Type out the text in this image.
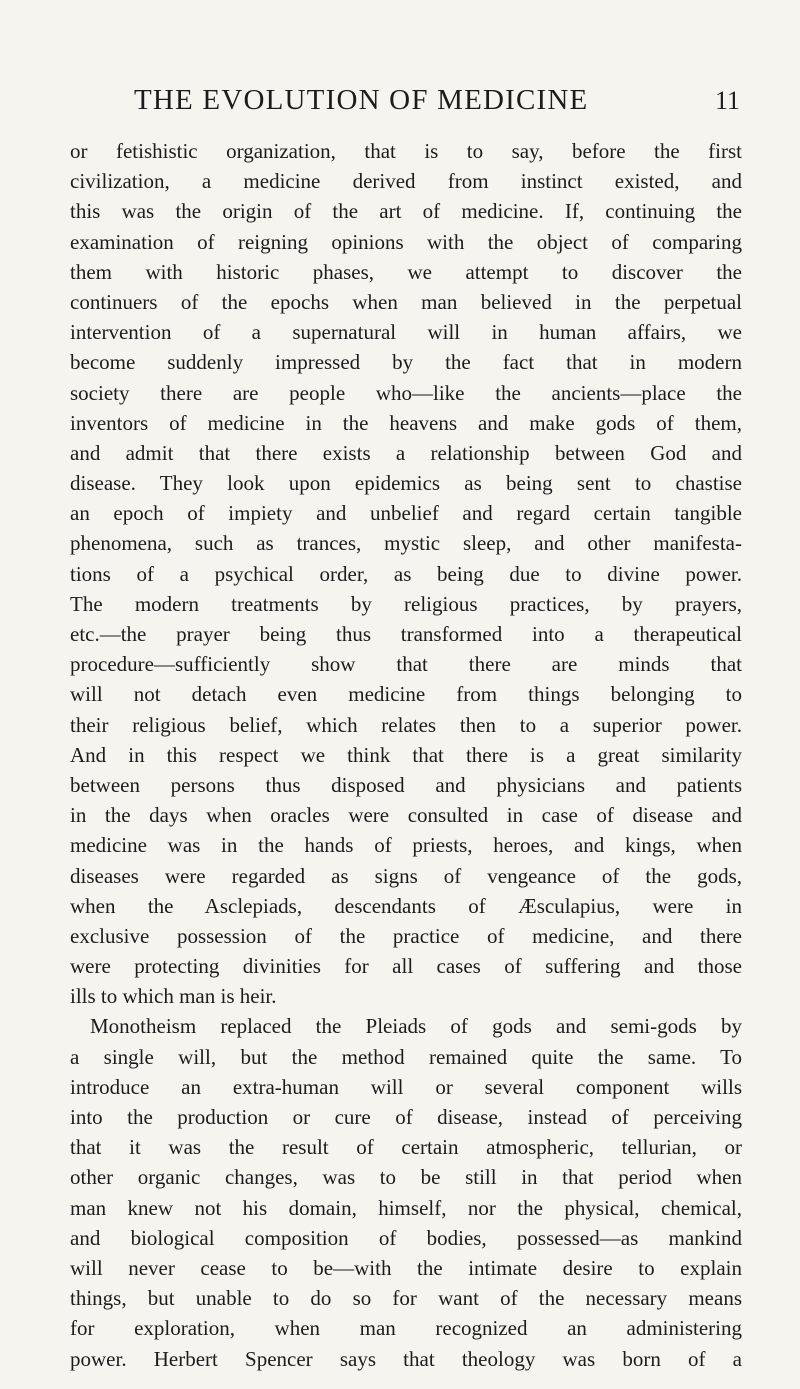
THE EVOLUTION OF MEDICINE	11
or fetishistic organization, that is to say, before the first
civilization, a medicine derived from instinct existed, and
this was the origin of the art of medicine. If, continuing the
examination of reigning opinions with the object of comparing
them with historic phases, we attempt to discover the
continuers of the epochs when man believed in the perpetual
intervention of a supernatural will in human affairs, we
become suddenly impressed by the fact that in modern
society there are people who—like the ancients—place the
inventors of medicine in the heavens and make gods of them,
and admit that there exists a relationship between God and
disease. They look upon epidemics as being sent to chastise
an epoch of impiety and unbelief and regard certain tangible
phenomena, such as trances, mystic sleep, and other manifesta-
tions of a psychical order, as being due to divine power.
The modern treatments by religious practices, by prayers,
etc.—the prayer being thus transformed into a therapeutical
procedure—sufficiently show that there are minds that
will not detach even medicine from things belonging to
their religious belief, which relates then to a superior power.
And in this respect we think that there is a great similarity
between persons thus disposed and physicians and patients
in the days when oracles were consulted in case of disease and
medicine was in the hands of priests, heroes, and kings, when
diseases were regarded as signs of vengeance of the gods,
when the Asclepiads, descendants of Æsculapius, were in
exclusive possession of the practice of medicine, and there
were protecting divinities for all cases of suffering and those
ills to which man is heir.
Monotheism replaced the Pleiads of gods and semi-gods by
a single will, but the method remained quite the same. To
introduce an extra-human will or several component wills
into the production or cure of disease, instead of perceiving
that it was the result of certain atmospheric, tellurian, or
other organic changes, was to be still in that period when
man knew not his domain, himself, nor the physical, chemical,
and biological composition of bodies, possessed—as mankind
will never cease to be—with the intimate desire to explain
things, but unable to do so for want of the necessary means
for exploration, when man recognized an administering
power. Herbert Spencer says that theology was born of a
